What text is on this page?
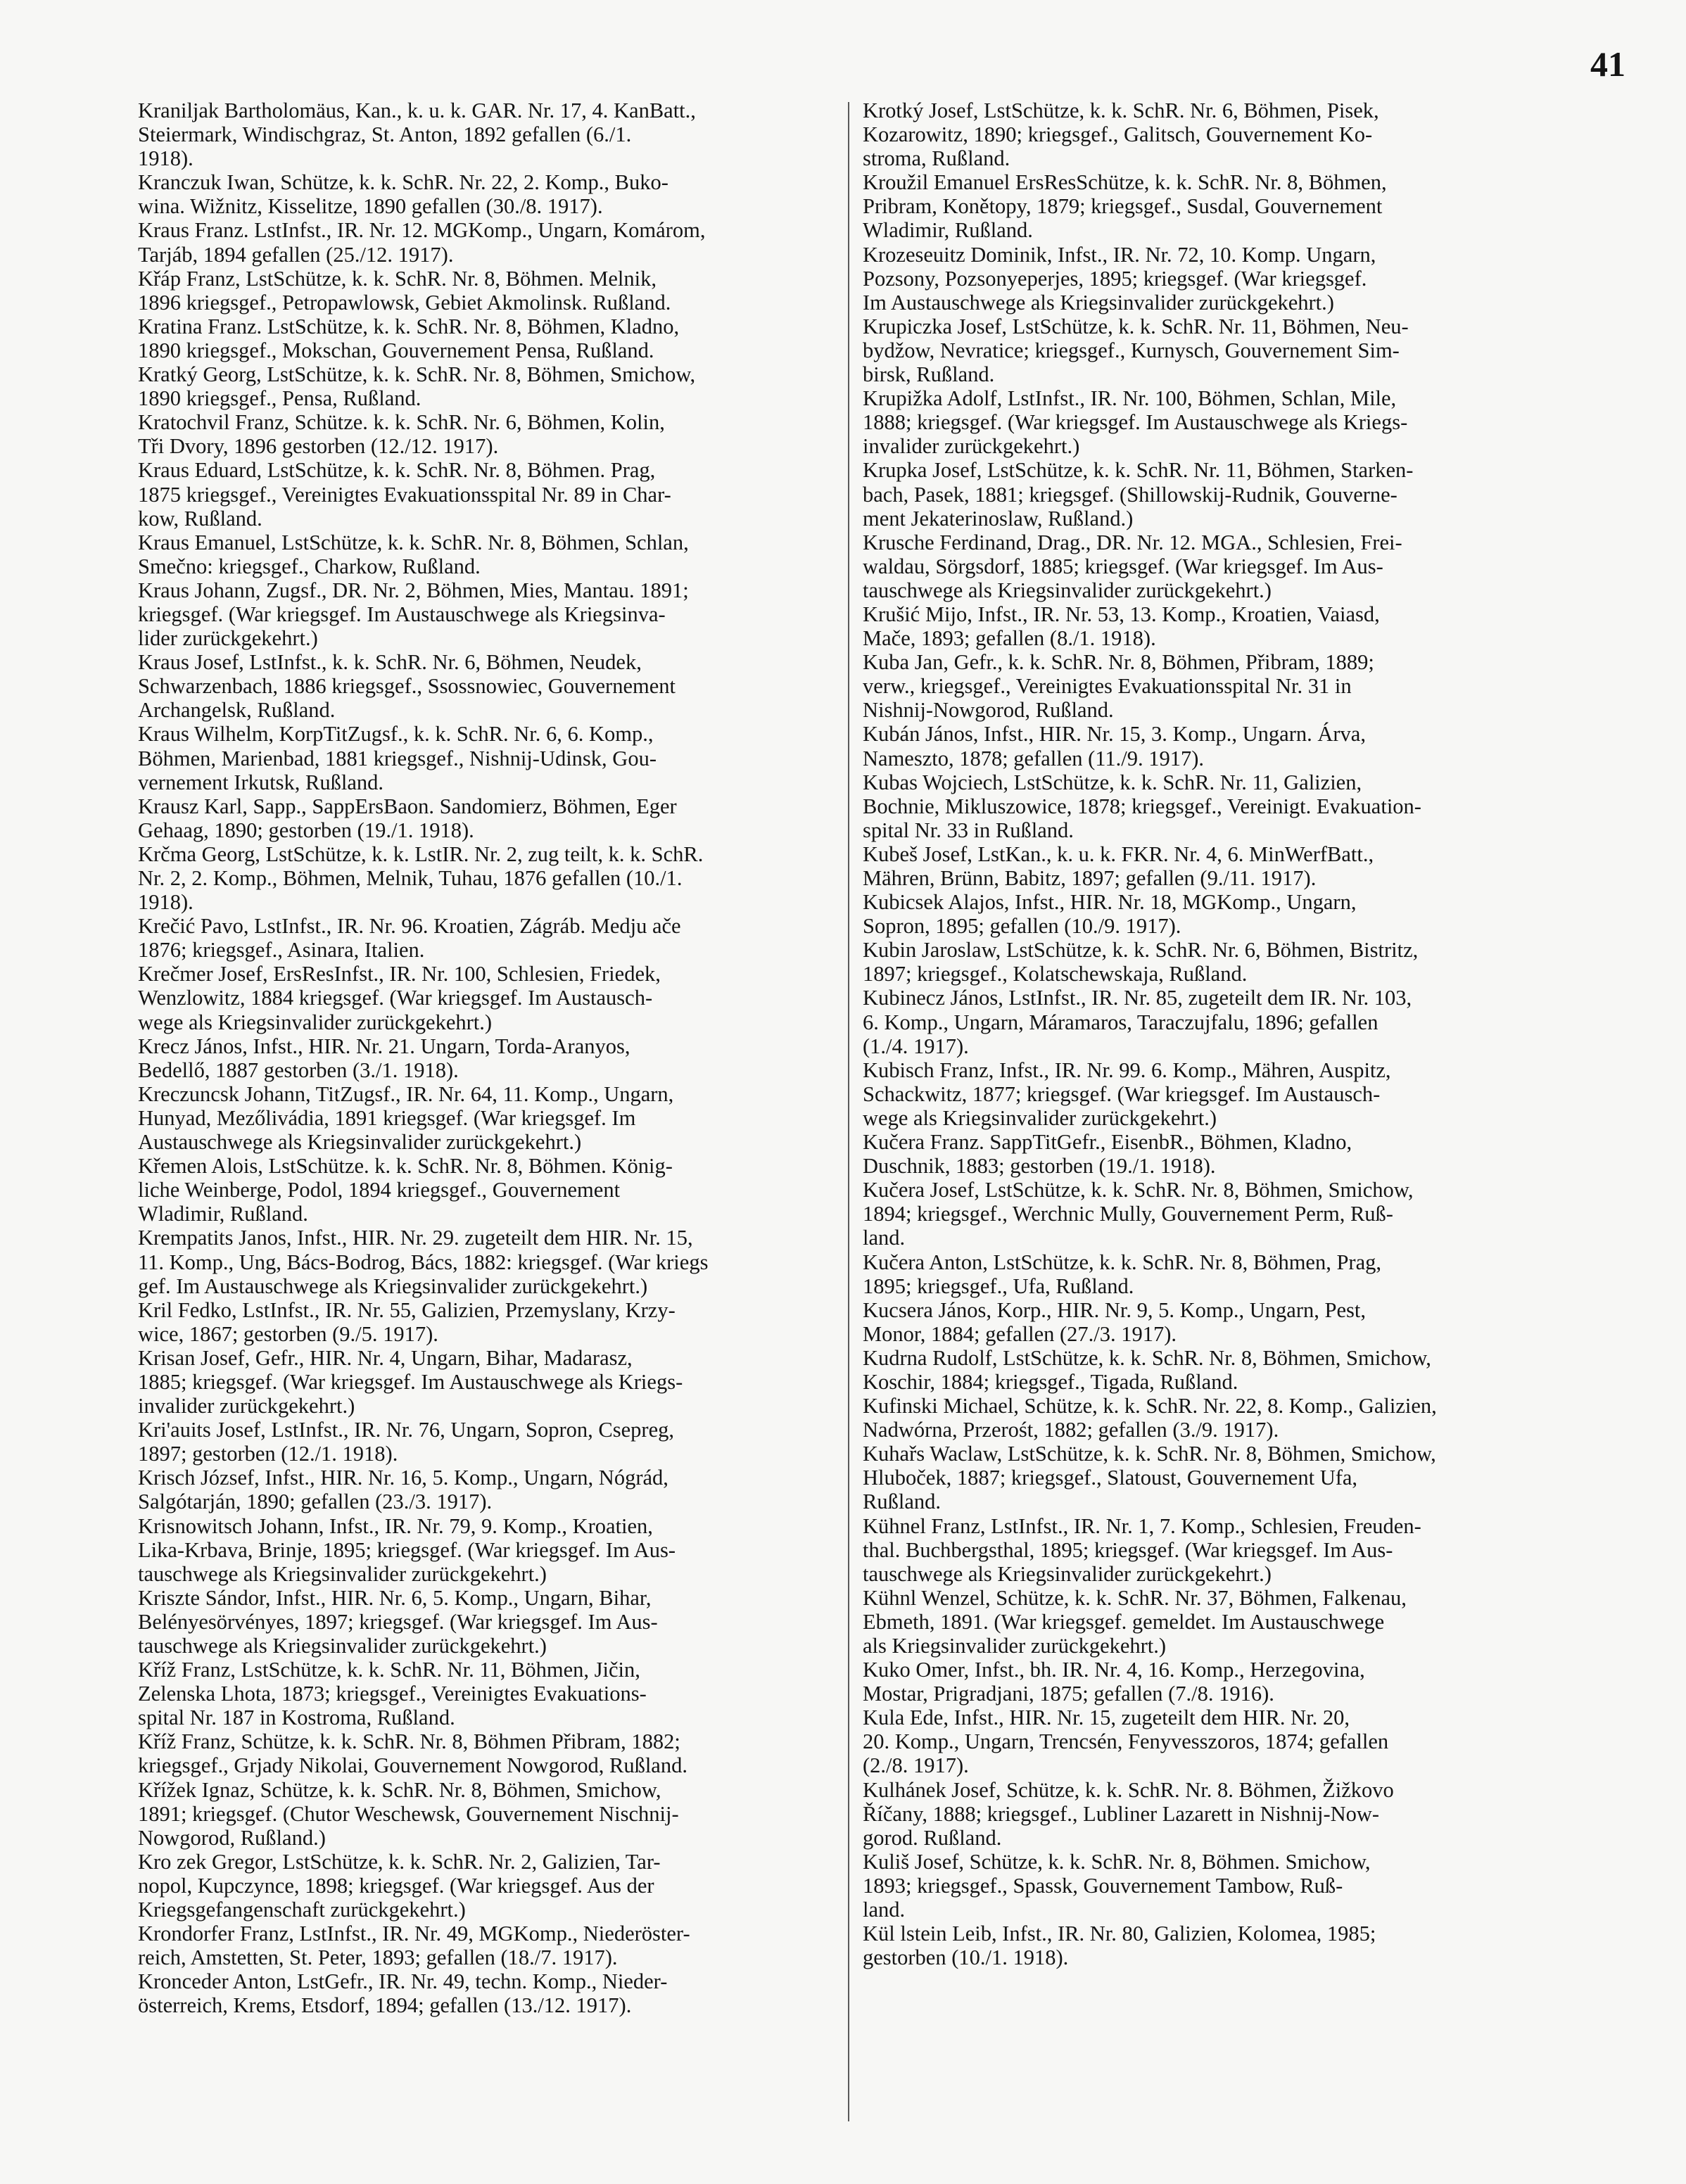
41
Kraniljak Bartholomäus, Kan., k. u. k. GAR. Nr. 17, 4. KanBatt.,
Steiermark, Windischgraz, St. Anton, 1892 gefallen (6./1.
1918).
Kranczuk Iwan, Schütze, k. k. SchR. Nr. 22, 2. Komp., Buko-
wina. Wižnitz, Kisselitze, 1890 gefallen (30./8. 1917).
Kraus Franz. LstInfst., IR. Nr. 12. MGKomp., Ungarn, Komárom,
Tarjáb, 1894 gefallen (25./12. 1917).
Křáp Franz, LstSchütze, k. k. SchR. Nr. 8, Böhmen. Melnik,
1896 kriegsgef., Petropawlowsk, Gebiet Akmolinsk. Rußland.
Kratina Franz. LstSchütze, k. k. SchR. Nr. 8, Böhmen, Kladno,
1890 kriegsgef., Mokschan, Gouvernement Pensa, Rußland.
Kratký Georg, LstSchütze, k. k. SchR. Nr. 8, Böhmen, Smichow,
1890 kriegsgef., Pensa, Rußland.
Kratochvil Franz, Schütze. k. k. SchR. Nr. 6, Böhmen, Kolin,
Tři Dvory, 1896 gestorben (12./12. 1917).
Kraus Eduard, LstSchütze, k. k. SchR. Nr. 8, Böhmen. Prag,
1875 kriegsgef., Vereinigtes Evakuationsspital Nr. 89 in Char-
kow, Rußland.
Kraus Emanuel, LstSchütze, k. k. SchR. Nr. 8, Böhmen, Schlan,
Smečno: kriegsgef., Charkow, Rußland.
Kraus Johann, Zugsf., DR. Nr. 2, Böhmen, Mies, Mantau. 1891;
kriegsgef. (War kriegsgef. Im Austauschwege als Kriegsinva-
lider zurückgekehrt.)
Kraus Josef, LstInfst., k. k. SchR. Nr. 6, Böhmen, Neudek,
Schwarzenbach, 1886 kriegsgef., Ssossnowiec, Gouvernement
Archangelsk, Rußland.
Kraus Wilhelm, KorpTitZugsf., k. k. SchR. Nr. 6, 6. Komp.,
Böhmen, Marienbad, 1881 kriegsgef., Nishnij-Udinsk, Gou-
vernement Irkutsk, Rußland.
Krausz Karl, Sapp., SappErsBaon. Sandomierz, Böhmen, Eger
Gehaag, 1890; gestorben (19./1. 1918).
Krčma Georg, LstSchütze, k. k. LstIR. Nr. 2, zug teilt, k. k. SchR.
Nr. 2, 2. Komp., Böhmen, Melnik, Tuhau, 1876 gefallen (10./1.
1918).
Krečić Pavo, LstInfst., IR. Nr. 96. Kroatien, Zágráb. Medju ače
1876; kriegsgef., Asinara, Italien.
Krečmer Josef, ErsResInfst., IR. Nr. 100, Schlesien, Friedek,
Wenzlowitz, 1884 kriegsgef. (War kriegsgef. Im Austausch-
wege als Kriegsinvalider zurückgekehrt.)
Krecz János, Infst., HIR. Nr. 21. Ungarn, Torda-Aranyos,
Bedellő, 1887 gestorben (3./1. 1918).
Kreczuncsk Johann, TitZugsf., IR. Nr. 64, 11. Komp., Ungarn,
Hunyad, Mezőlivádia, 1891 kriegsgef. (War kriegsgef. Im
Austauschwege als Kriegsinvalider zurückgekehrt.)
Křemen Alois, LstSchütze. k. k. SchR. Nr. 8, Böhmen. König-
liche Weinberge, Podol, 1894 kriegsgef., Gouvernement
Wladimir, Rußland.
Krempatits Janos, Infst., HIR. Nr. 29. zugeteilt dem HIR. Nr. 15,
11. Komp., Ung, Bács-Bodrog, Bács, 1882: kriegsgef. (War kriegs
gef. Im Austauschwege als Kriegsinvalider zurückgekehrt.)
Kril Fedko, LstInfst., IR. Nr. 55, Galizien, Przemyslany, Krzy-
wice, 1867; gestorben (9./5. 1917).
Krisan Josef, Gefr., HIR. Nr. 4, Ungarn, Bihar, Madarasz,
1885; kriegsgef. (War kriegsgef. Im Austauschwege als Kriegs-
invalider zurückgekehrt.)
Kri'auits Josef, LstInfst., IR. Nr. 76, Ungarn, Sopron, Csepreg,
1897; gestorben (12./1. 1918).
Krisch József, Infst., HIR. Nr. 16, 5. Komp., Ungarn, Nógrád,
Salgótarján, 1890; gefallen (23./3. 1917).
Krisnowitsch Johann, Infst., IR. Nr. 79, 9. Komp., Kroatien,
Lika-Krbava, Brinje, 1895; kriegsgef. (War kriegsgef. Im Aus-
tauschwege als Kriegsinvalider zurückgekehrt.)
Kriszte Sándor, Infst., HIR. Nr. 6, 5. Komp., Ungarn, Bihar,
Belényesörvényes, 1897; kriegsgef. (War kriegsgef. Im Aus-
tauschwege als Kriegsinvalider zurückgekehrt.)
Kříž Franz, LstSchütze, k. k. SchR. Nr. 11, Böhmen, Jičin,
Zelenska Lhota, 1873; kriegsgef., Vereinigtes Evakuations-
spital Nr. 187 in Kostroma, Rußland.
Kříž Franz, Schütze, k. k. SchR. Nr. 8, Böhmen Přibram, 1882;
kriegsgef., Grjady Nikolai, Gouvernement Nowgorod, Rußland.
Křížek Ignaz, Schütze, k. k. SchR. Nr. 8, Böhmen, Smichow,
1891; kriegsgef. (Chutor Weschewsk, Gouvernement Nischnij-
Nowgorod, Rußland.)
Kro zek Gregor, LstSchütze, k. k. SchR. Nr. 2, Galizien, Tar-
nopol, Kupczynce, 1898; kriegsgef. (War kriegsgef. Aus der
Kriegsgefangenschaft zurückgekehrt.)
Krondorfer Franz, LstInfst., IR. Nr. 49, MGKomp., Niederöster-
reich, Amstetten, St. Peter, 1893; gefallen (18./7. 1917).
Kronceder Anton, LstGefr., IR. Nr. 49, techn. Komp., Nieder-
österreich, Krems, Etsdorf, 1894; gefallen (13./12. 1917).
Krotký Josef, LstSchütze, k. k. SchR. Nr. 6, Böhmen, Pisek,
Kozarowitz, 1890; kriegsgef., Galitsch, Gouvernement Ko-
stroma, Rußland.
Kroužil Emanuel ErsResSchütze, k. k. SchR. Nr. 8, Böhmen,
Pribram, Konětopy, 1879; kriegsgef., Susdal, Gouvernement
Wladimir, Rußland.
Krozeseuitz Dominik, Infst., IR. Nr. 72, 10. Komp. Ungarn,
Pozsony, Pozsonyeperjes, 1895; kriegsgef. (War kriegsgef.
Im Austauschwege als Kriegsinvalider zurückgekehrt.)
Krupiczka Josef, LstSchütze, k. k. SchR. Nr. 11, Böhmen, Neu-
bydžow, Nevratice; kriegsgef., Kurnysch, Gouvernement Sim-
birsk, Rußland.
Krupižka Adolf, LstInfst., IR. Nr. 100, Böhmen, Schlan, Mile,
1888; kriegsgef. (War kriegsgef. Im Austauschwege als Kriegs-
invalider zurückgekehrt.)
Krupka Josef, LstSchütze, k. k. SchR. Nr. 11, Böhmen, Starken-
bach, Pasek, 1881; kriegsgef. (Shillowskij-Rudnik, Gouverne-
ment Jekaterinoslaw, Rußland.)
Krusche Ferdinand, Drag., DR. Nr. 12. MGA., Schlesien, Frei-
waldau, Sörgsdorf, 1885; kriegsgef. (War kriegsgef. Im Aus-
tauschwege als Kriegsinvalider zurückgekehrt.)
Krušić Mijo, Infst., IR. Nr. 53, 13. Komp., Kroatien, Vaiasd,
Mače, 1893; gefallen (8./1. 1918).
Kuba Jan, Gefr., k. k. SchR. Nr. 8, Böhmen, Přibram, 1889;
verw., kriegsgef., Vereinigtes Evakuationsspital Nr. 31 in
Nishnij-Nowgorod, Rußland.
Kubán János, Infst., HIR. Nr. 15, 3. Komp., Ungarn. Árva,
Nameszto, 1878; gefallen (11./9. 1917).
Kubas Wojciech, LstSchütze, k. k. SchR. Nr. 11, Galizien,
Bochnie, Mikluszowice, 1878; kriegsgef., Vereinigt. Evakuation-
spital Nr. 33 in Rußland.
Kubeš Josef, LstKan., k. u. k. FKR. Nr. 4, 6. MinWerfBatt.,
Mähren, Brünn, Babitz, 1897; gefallen (9./11. 1917).
Kubicsek Alajos, Infst., HIR. Nr. 18, MGKomp., Ungarn,
Sopron, 1895; gefallen (10./9. 1917).
Kubin Jaroslaw, LstSchütze, k. k. SchR. Nr. 6, Böhmen, Bistritz,
1897; kriegsgef., Kolatschewskaja, Rußland.
Kubinecz János, LstInfst., IR. Nr. 85, zugeteilt dem IR. Nr. 103,
6. Komp., Ungarn, Máramaros, Taraczujfalu, 1896; gefallen
(1./4. 1917).
Kubisch Franz, Infst., IR. Nr. 99. 6. Komp., Mähren, Auspitz,
Schackwitz, 1877; kriegsgef. (War kriegsgef. Im Austausch-
wege als Kriegsinvalider zurückgekehrt.)
Kučera Franz. SappTitGefr., EisenbR., Böhmen, Kladno,
Duschnik, 1883; gestorben (19./1. 1918).
Kučera Josef, LstSchütze, k. k. SchR. Nr. 8, Böhmen, Smichow,
1894; kriegsgef., Werchnic Mully, Gouvernement Perm, Ruß-
land.
Kučera Anton, LstSchütze, k. k. SchR. Nr. 8, Böhmen, Prag,
1895; kriegsgef., Ufa, Rußland.
Kucsera János, Korp., HIR. Nr. 9, 5. Komp., Ungarn, Pest,
Monor, 1884; gefallen (27./3. 1917).
Kudrna Rudolf, LstSchütze, k. k. SchR. Nr. 8, Böhmen, Smichow,
Koschir, 1884; kriegsgef., Tigada, Rußland.
Kufinski Michael, Schütze, k. k. SchR. Nr. 22, 8. Komp., Galizien,
Nadwórna, Przerośt, 1882; gefallen (3./9. 1917).
Kuhařs Waclaw, LstSchütze, k. k. SchR. Nr. 8, Böhmen, Smichow,
Hluboček, 1887; kriegsgef., Slatoust, Gouvernement Ufa,
Rußland.
Kühnel Franz, LstInfst., IR. Nr. 1, 7. Komp., Schlesien, Freuden-
thal. Buchbergsthal, 1895; kriegsgef. (War kriegsgef. Im Aus-
tauschwege als Kriegsinvalider zurückgekehrt.)
Kühnl Wenzel, Schütze, k. k. SchR. Nr. 37, Böhmen, Falkenau,
Ebmeth, 1891. (War kriegsgef. gemeldet. Im Austauschwege
als Kriegsinvalider zurückgekehrt.)
Kuko Omer, Infst., bh. IR. Nr. 4, 16. Komp., Herzegovina,
Mostar, Prigradjani, 1875; gefallen (7./8. 1916).
Kula Ede, Infst., HIR. Nr. 15, zugeteilt dem HIR. Nr. 20,
20. Komp., Ungarn, Trencsén, Fenyvesszoros, 1874; gefallen
(2./8. 1917).
Kulhánek Josef, Schütze, k. k. SchR. Nr. 8. Böhmen, Žižkovo
Říčany, 1888; kriegsgef., Lubliner Lazarett in Nishnij-Now-
gorod. Rußland.
Kuliš Josef, Schütze, k. k. SchR. Nr. 8, Böhmen. Smichow,
1893; kriegsgef., Spassk, Gouvernement Tambow, Ruß-
land.
Kül lstein Leib, Infst., IR. Nr. 80, Galizien, Kolomea, 1985;
gestorben (10./1. 1918).
